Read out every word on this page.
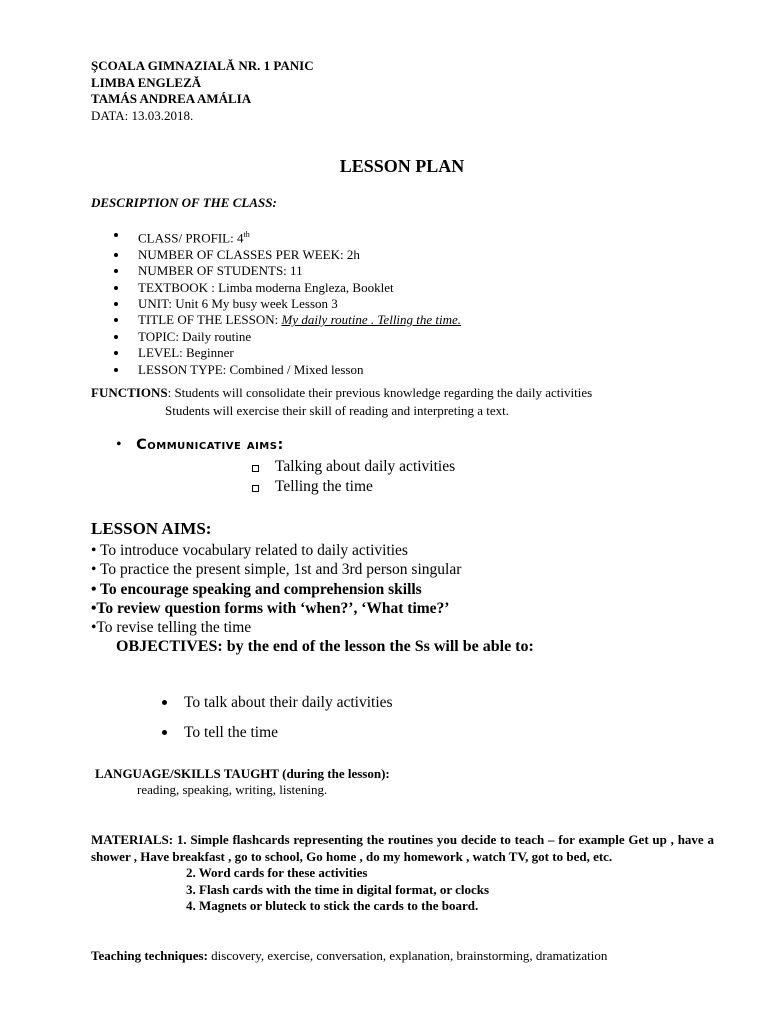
ŞCOALA GIMNAZIALĂ NR. 1 PANIC
LIMBA ENGLEZĂ
TAMÁS ANDREA AMÁLIA
DATA: 13.03.2018.
LESSON PLAN
DESCRIPTION OF THE CLASS:
CLASS/ PROFIL: 4th
NUMBER OF CLASSES PER WEEK: 2h
NUMBER OF STUDENTS: 11
TEXTBOOK : Limba moderna Engleza, Booklet
UNIT: Unit 6 My busy week Lesson 3
TITLE OF THE LESSON: My daily routine . Telling the time.
TOPIC: Daily routine
LEVEL: Beginner
LESSON TYPE: Combined / Mixed lesson
FUNCTIONS: Students will consolidate their previous knowledge regarding the daily activities
Students will exercise their skill of reading and interpreting a text.
• Communicative aims:
Talking about daily activities
Telling the time
LESSON AIMS:
• To introduce vocabulary related to daily activities
• To practice the present simple, 1st and 3rd person singular
• To encourage speaking and comprehension skills
•To review question forms with ‘when?’, ‘What time?’
•To revise telling the time
OBJECTIVES: by the end of the lesson the Ss will be able to:
To talk about their daily activities
To tell the time
LANGUAGE/SKILLS TAUGHT (during the lesson):
reading, speaking, writing, listening.
MATERIALS: 1. Simple flashcards representing the routines you decide to teach – for example Get up , have a shower , Have breakfast , go to school, Go home , do my homework , watch TV, got to bed, etc.
2. Word cards for these activities
3. Flash cards with the time in digital format, or clocks
4. Magnets or bluteck to stick the cards to the board.
Teaching techniques: discovery, exercise, conversation, explanation, brainstorming, dramatization
